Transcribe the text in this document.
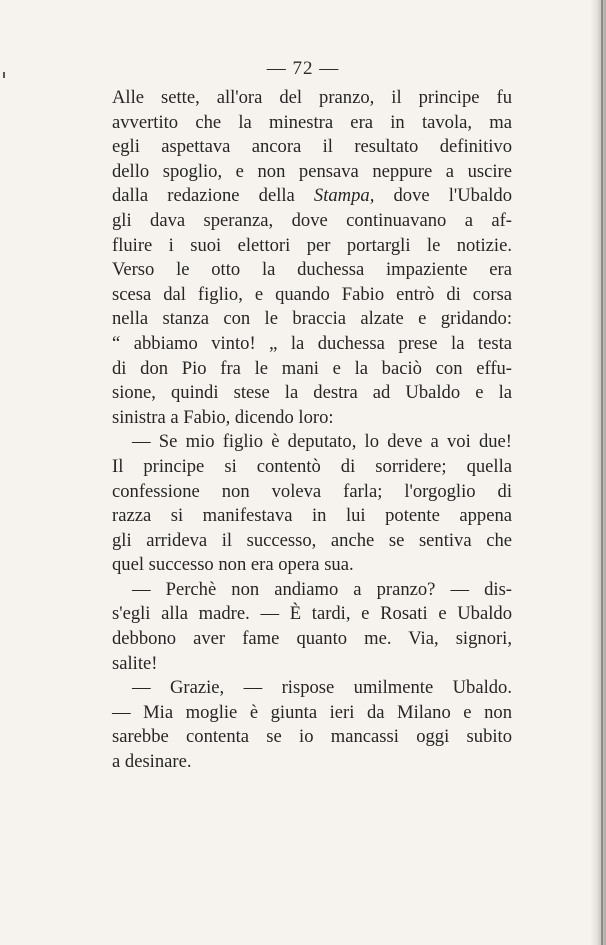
— 72 —
Alle sette, all'ora del pranzo, il principe fu
avvertito che la minestra era in tavola, ma
egli aspettava ancora il resultato definitivo
dello spoglio, e non pensava neppure a uscire
dalla redazione della Stampa, dove l'Ubaldo
gli dava speranza, dove continuavano a af-
fluire i suoi elettori per portargli le notizie.
Verso le otto la duchessa impaziente era
scesa dal figlio, e quando Fabio entrò di corsa
nella stanza con le braccia alzate e gridando:
“ abbiamo vinto! „ la duchessa prese la testa
di don Pio fra le mani e la baciò con effu-
sione, quindi stese la destra ad Ubaldo e la
sinistra a Fabio, dicendo loro:
— Se mio figlio è deputato, lo deve a voi due!
Il principe si contentò di sorridere; quella
confessione non voleva farla; l'orgoglio di
razza si manifestava in lui potente appena
gli arrideva il successo, anche se sentiva che
quel successo non era opera sua.
— Perchè non andiamo a pranzo? — dis-
s'egli alla madre. — È tardi, e Rosati e Ubaldo
debbono aver fame quanto me. Via, signori,
salite!
— Grazie, — rispose umilmente Ubaldo.
— Mia moglie è giunta ieri da Milano e non
sarebbe contenta se io mancassi oggi subito
a desinare.
